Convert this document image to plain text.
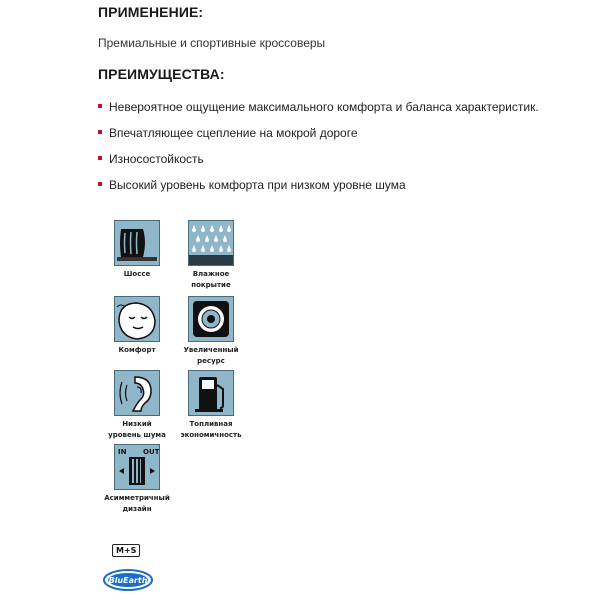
ПРИМЕНЕНИЕ:
Премиальные и спортивные кроссоверы
ПРЕИМУЩЕСТВА:
Невероятное ощущение максимального комфорта и баланса характеристик.
Впечатляющее сцепление на мокрой дороге
Износостойкость
Высокий уровень комфорта при низком уровне шума
Шоссе	Влажное
покрытие
Комфорт	Увеличенный
ресурс
Низкий
уровень шума
Топливная
экономичность
IN OUT
Асимметричный
дизайн
M+S
BluEarth
